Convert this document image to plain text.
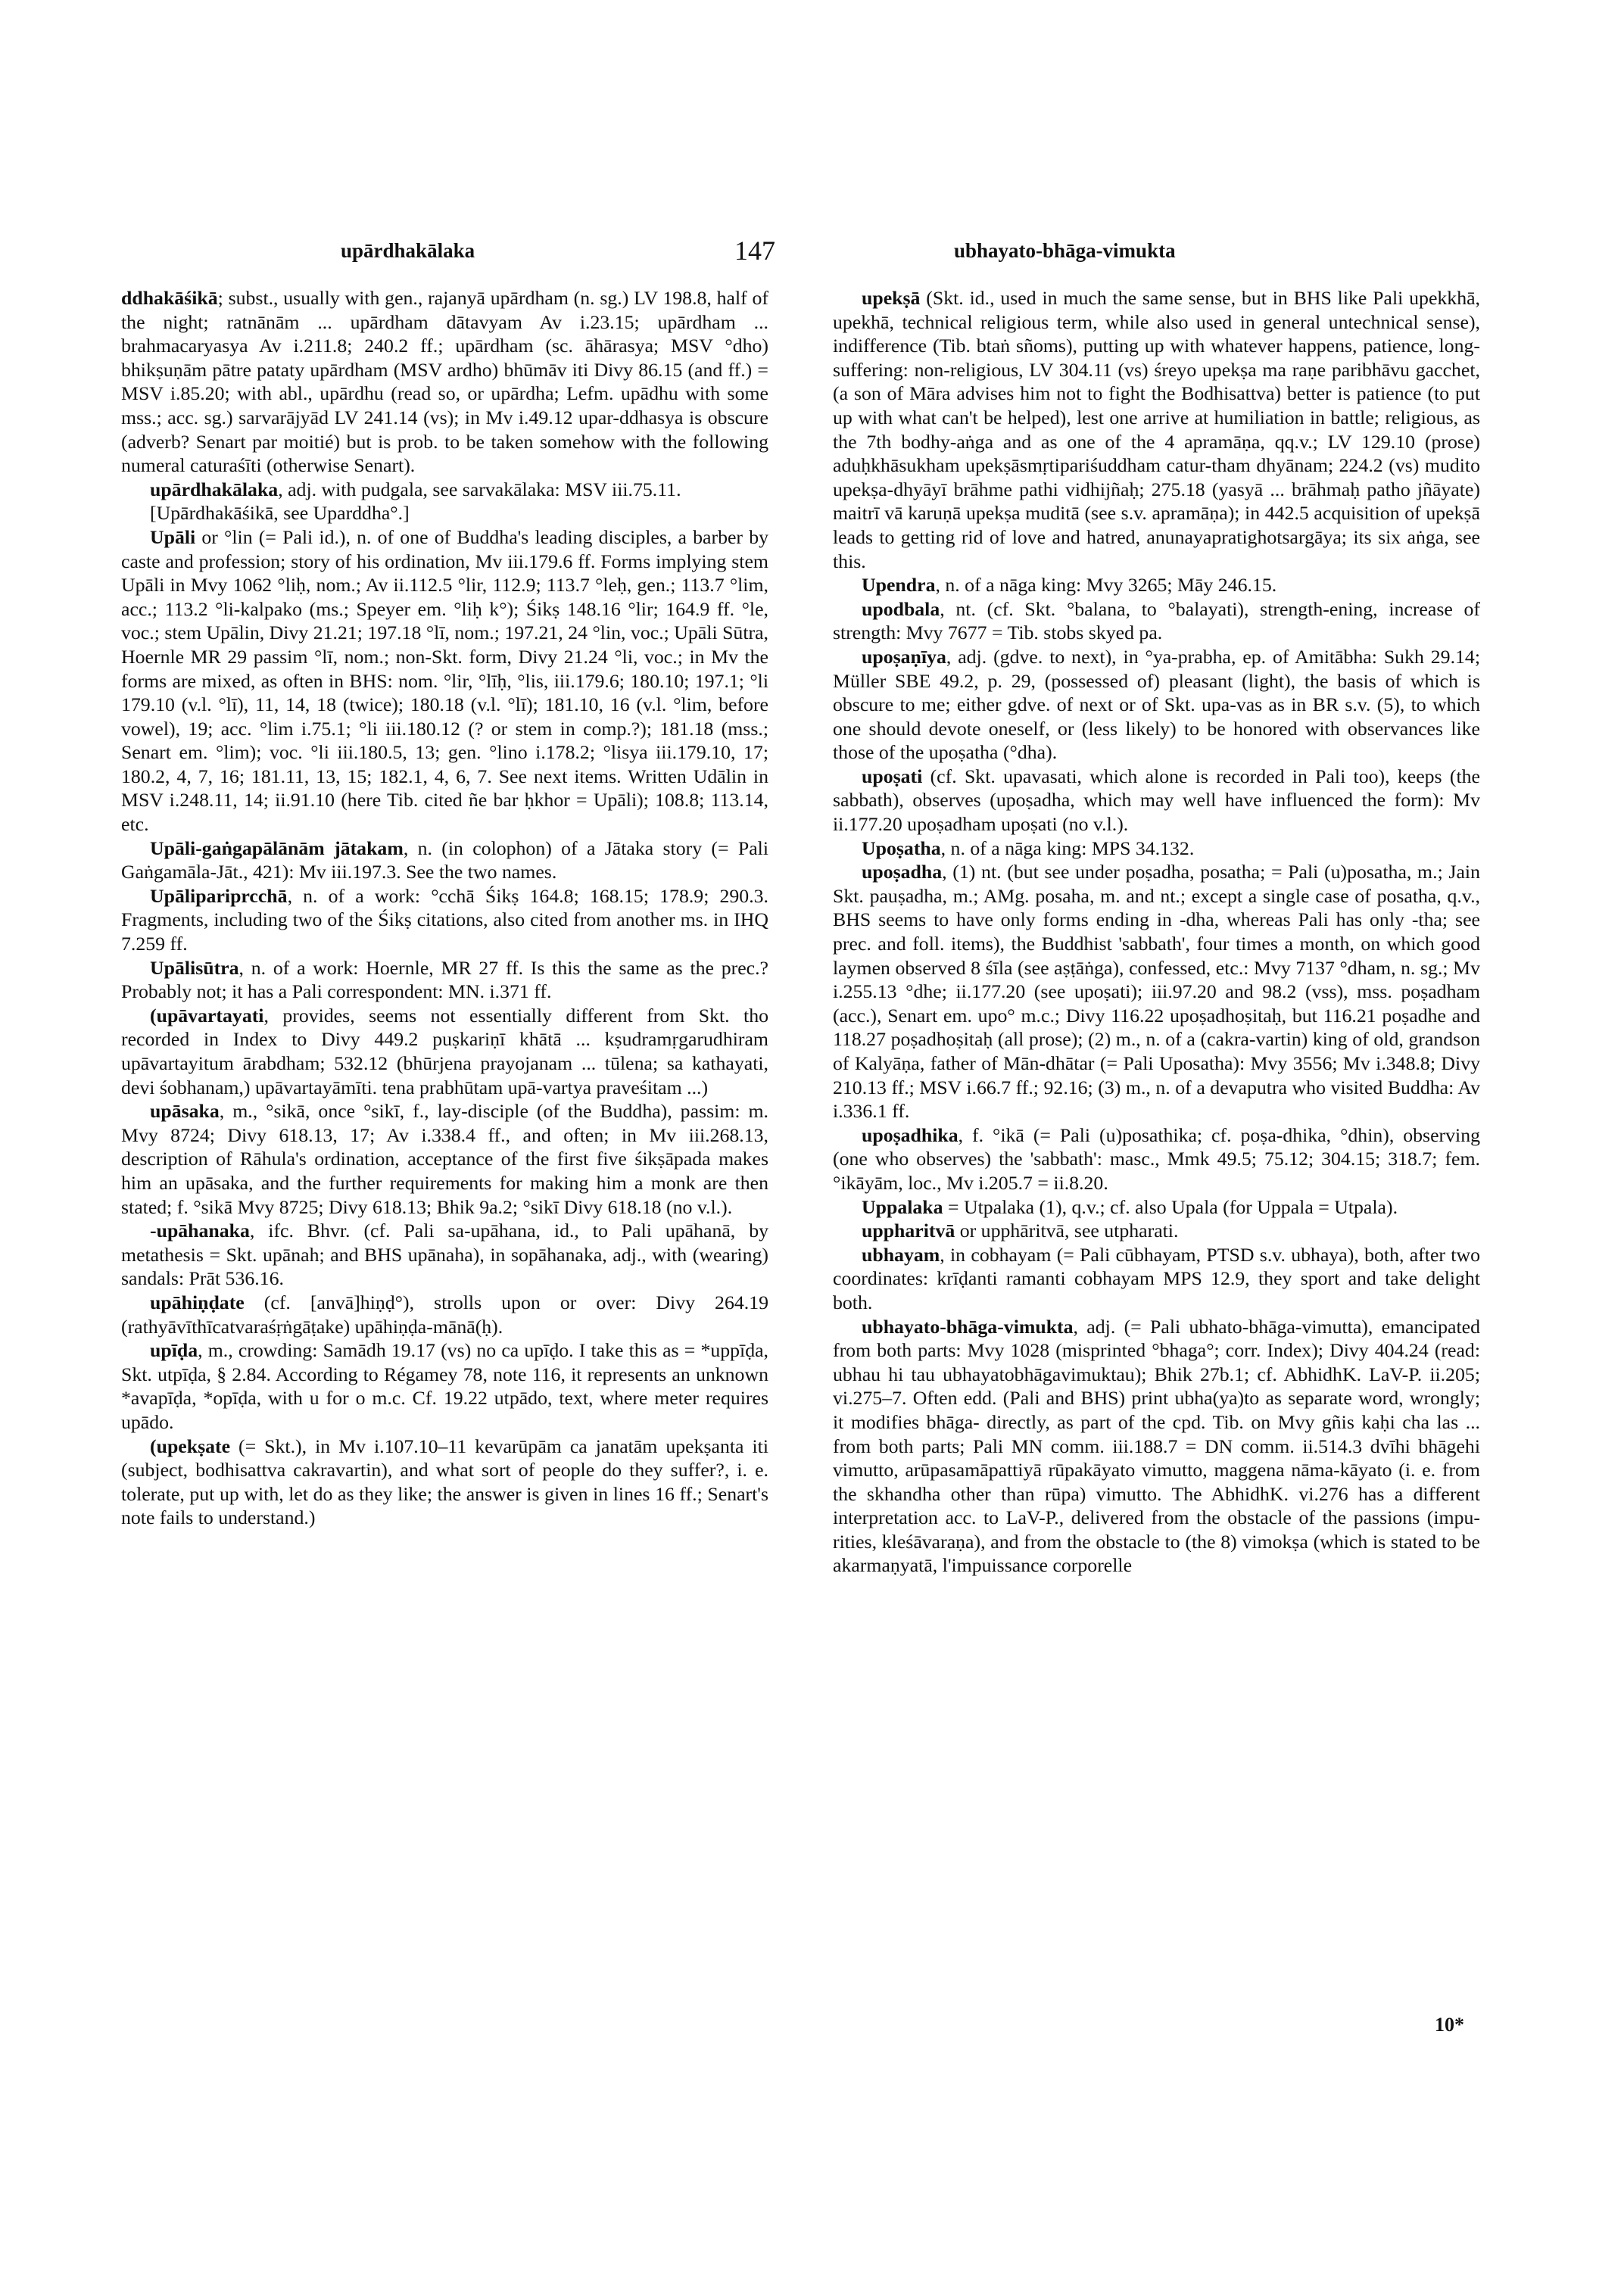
upārdhakālaka	147	ubhayato-bhāga-vimukta

ddhakāśikā; subst., usually with gen., rajanyā upārdham (n. sg.) LV 198.8, half of the night; ratnānām ... upārdham dātavyam Av i.23.15; upārdham ... brahmacaryasya Av i.211.8; 240.2 ff.; upārdham (sc. āhārasya; MSV °dho) bhikṣuṇām pātre pataty upārdham (MSV ardho) bhūmāv iti Divy 86.15 (and ff.) = MSV i.85.20; with abl., upārdhu (read so, or upārdha; Lefm. upādhu with some mss.; acc. sg.) sarvarājyād LV 241.14 (vs); in Mv i.49.12 upar-ddhasya is obscure (adverb? Senart par moitié) but is prob. to be taken somehow with the following numeral caturaśīti (otherwise Senart).

upārdhakālaka, adj. with pudgala, see sarvakālaka: MSV iii.75.11.

[Upārdhakāśikā, see Uparddha°.]

Upāli or °lin (= Pali id.), n. of one of Buddha's leading disciples, a barber by caste and profession; story of his ordination, Mv iii.179.6 ff. Forms implying stem Upāli in Mvy 1062 °liḥ, nom.; Av ii.112.5 °lir, 112.9; 113.7 °leḥ, gen.; 113.7 °lim, acc.; 113.2 °li-kalpako (ms.; Speyer em. °liḥ k°); Śikṣ 148.16 °lir; 164.9 ff. °le, voc.; stem Upālin, Divy 21.21; 197.18 °lī, nom.; 197.21, 24 °lin, voc.; Upāli Sūtra, Hoernle MR 29 passim °lī, nom.; non-Skt. form, Divy 21.24 °li, voc.; in Mv the forms are mixed, as often in BHS: nom. °lir, °līḥ, °lis, iii.179.6; 180.10; 197.1; °li 179.10 (v.l. °lī), 11, 14, 18 (twice); 180.18 (v.l. °lī); 181.10, 16 (v.l. °lim, before vowel), 19; acc. °lim i.75.1; °li iii.180.12 (? or stem in comp.?); 181.18 (mss.; Senart em. °lim); voc. °li iii.180.5, 13; gen. °lino i.178.2; °lisya iii.179.10, 17; 180.2, 4, 7, 16; 181.11, 13, 15; 182.1, 4, 6, 7. See next items. Written Udālin in MSV i.248.11, 14; ii.91.10 (here Tib. cited ñe bar ḥkhor = Upāli); 108.8; 113.14, etc.

Upāli-gaṅgapālānām jātakam, n. (in colophon) of a Jātaka story (= Pali Gaṅgamāla-Jāt., 421): Mv iii.197.3. See the two names.

Upālipariprcchā, n. of a work: °cchā Śikṣ 164.8; 168.15; 178.9; 290.3. Fragments, including two of the Śikṣ citations, also cited from another ms. in IHQ 7.259 ff.

Upālisūtra, n. of a work: Hoernle, MR 27 ff. Is this the same as the prec.? Probably not; it has a Pali correspondent: MN. i.371 ff.

(upāvartayati, provides, seems not essentially different from Skt. tho recorded in Index to Divy 449.2 puṣkariṇī khātā ... kṣudramṛgarudhiram upāvartayitum ārabdham; 532.12 (bhūrjena prayojanam ... tūlena; sa kathayati, devi śobhanam,) upāvartayāmīti. tena prabhūtam upā-vartya praveśitam ...)

upāsaka, m., °sikā, once °sikī, f., lay-disciple (of the Buddha), passim: m. Mvy 8724; Divy 618.13, 17; Av i.338.4 ff., and often; in Mv iii.268.13, description of Rāhula's ordination, acceptance of the first five śikṣāpada makes him an upāsaka, and the further requirements for making him a monk are then stated; f. °sikā Mvy 8725; Divy 618.13; Bhik 9a.2; °sikī Divy 618.18 (no v.l.).

-upāhanaka, ifc. Bhvr. (cf. Pali sa-upāhana, id., to Pali upāhanā, by metathesis = Skt. upānah; and BHS upānaha), in sopāhanaka, adj., with (wearing) sandals: Prāt 536.16.

upāhiṇḍate (cf. [anvā]hiṇḍ°), strolls upon or over: Divy 264.19 (rathyāvīthīcatvaraśṛṅgāṭake) upāhiṇḍa-mānā(ḥ).

upīḍa, m., crowding: Samādh 19.17 (vs) no ca upīḍo. I take this as = *uppīḍa, Skt. utpīḍa, § 2.84. According to Régamey 78, note 116, it represents an unknown *avapīḍa, *opīḍa, with u for o m.c. Cf. 19.22 utpādo, text, where meter requires upādo.

(upekṣate (= Skt.), in Mv i.107.10–11 kevarūpām ca janatām upekṣanta iti (subject, bodhisattva cakravartin), and what sort of people do they suffer?, i. e. tolerate, put up with, let do as they like; the answer is given in lines 16 ff.; Senart's note fails to understand.)

upekṣā (Skt. id., used in much the same sense, but in BHS like Pali upekkhā, upekhā, technical religious term, while also used in general untechnical sense), indifference (Tib. btaṅ sñoms), putting up with whatever happens, patience, long-suffering: non-religious, LV 304.11 (vs) śreyo upekṣa ma raṇe paribhāvu gacchet, (a son of Māra advises him not to fight the Bodhisattva) better is patience (to put up with what can't be helped), lest one arrive at humiliation in battle; religious, as the 7th bodhy-aṅga and as one of the 4 apramāṇa, qq.v.; LV 129.10 (prose) aduḥkhāsukham upekṣāsmṛtipariśuddham catur-tham dhyānam; 224.2 (vs) mudito upekṣa-dhyāyī brāhme pathi vidhijñaḥ; 275.18 (yasyā ... brāhmaḥ patho jñāyate) maitrī vā karuṇā upekṣa muditā (see s.v. apramāṇa); in 442.5 acquisition of upekṣā leads to getting rid of love and hatred, anunayapratighotsargāya; its six aṅga, see this.

Upendra, n. of a nāga king: Mvy 3265; Māy 246.15.

upodbala, nt. (cf. Skt. °balana, to °balayati), strength-ening, increase of strength: Mvy 7677 = Tib. stobs skyed pa.

upoṣaṇīya, adj. (gdve. to next), in °ya-prabha, ep. of Amitābha: Sukh 29.14; Müller SBE 49.2, p. 29, (possessed of) pleasant (light), the basis of which is obscure to me; either gdve. of next or of Skt. upa-vas as in BR s.v. (5), to which one should devote oneself, or (less likely) to be honored with observances like those of the upoṣatha (°dha).

upoṣati (cf. Skt. upavasati, which alone is recorded in Pali too), keeps (the sabbath), observes (upoṣadha, which may well have influenced the form): Mv ii.177.20 upoṣadham upoṣati (no v.l.).

Upoṣatha, n. of a nāga king: MPS 34.132.

upoṣadha, (1) nt. (but see under poṣadha, posatha; = Pali (u)posatha, m.; Jain Skt. pauṣadha, m.; AMg. posaha, m. and nt.; except a single case of posatha, q.v., BHS seems to have only forms ending in -dha, whereas Pali has only -tha; see prec. and foll. items), the Buddhist 'sabbath', four times a month, on which good laymen observed 8 śīla (see aṣṭāṅga), confessed, etc.: Mvy 7137 °dham, n. sg.; Mv i.255.13 °dhe; ii.177.20 (see upoṣati); iii.97.20 and 98.2 (vss), mss. poṣadham (acc.), Senart em. upo° m.c.; Divy 116.22 upoṣadhoṣitaḥ, but 116.21 poṣadhe and 118.27 poṣadhoṣitaḥ (all prose); (2) m., n. of a (cakra-vartin) king of old, grandson of Kalyāṇa, father of Mān-dhātar (= Pali Uposatha): Mvy 3556; Mv i.348.8; Divy 210.13 ff.; MSV i.66.7 ff.; 92.16; (3) m., n. of a devaputra who visited Buddha: Av i.336.1 ff.

upoṣadhika, f. °ikā (= Pali (u)posathika; cf. poṣa-dhika, °dhin), observing (one who observes) the 'sabbath': masc., Mmk 49.5; 75.12; 304.15; 318.7; fem. °ikāyām, loc., Mv i.205.7 = ii.8.20.

Uppalaka = Utpalaka (1), q.v.; cf. also Upala (for Uppala = Utpala).

uppharitvā or upphāritvā, see utpharati.

ubhayam, in cobhayam (= Pali cūbhayam, PTSD s.v. ubhaya), both, after two coordinates: krīḍanti ramanti cobhayam MPS 12.9, they sport and take delight both.

ubhayato-bhāga-vimukta, adj. (= Pali ubhato-bhāga-vimutta), emancipated from both parts: Mvy 1028 (misprinted °bhaga°; corr. Index); Divy 404.24 (read: ubhau hi tau ubhayatobhāgavimuktau); Bhik 27b.1; cf. AbhidhK. LaV-P. ii.205; vi.275–7. Often edd. (Pali and BHS) print ubha(ya)to as separate word, wrongly; it modifies bhāga- directly, as part of the cpd. Tib. on Mvy gñis kaḥi cha las ... from both parts; Pali MN comm. iii.188.7 = DN comm. ii.514.3 dvīhi bhāgehi vimutto, arūpasamāpattiyā rūpakāyato vimutto, maggena nāma-kāyato (i. e. from the skhandha other than rūpa) vimutto. The AbhidhK. vi.276 has a different interpretation acc. to LaV-P., delivered from the obstacle of the passions (impu-rities, kleśāvaraṇa), and from the obstacle to (the 8) vimokṣa (which is stated to be akarmaṇyatā, l'impuissance corporelle

10*
